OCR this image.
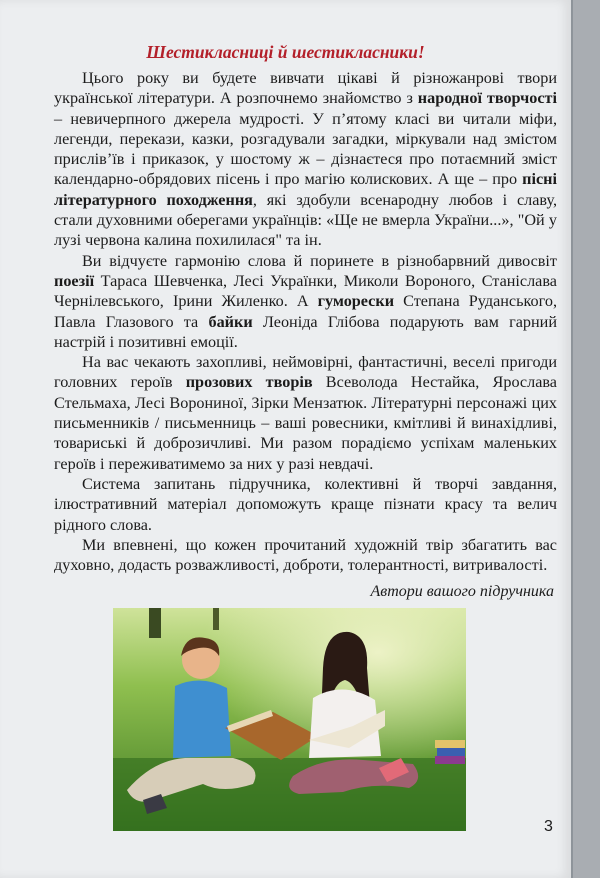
Шестикласниці й шестикласники!

Цього року ви будете вивчати цікаві й різножанрові твори української літератури. А розпочнемо знайомство з народної творчості – невичерпного джерела мудрості. У п’ятому класі ви читали міфи, легенди, перекази, казки, розгадували загадки, міркували над змістом прислів’їв і приказок, у шостому ж – дізнаєтеся про потаємний зміст календарно-обрядових пісень і про магію колискових. А ще – про пісні літературного походження, які здобули всенародну любов і славу, стали духовними оберегами українців: «Ще не вмерла України...», "Ой у лузі червона калина похилилася" та ін.

Ви відчуєте гармонію слова й поринете в різнобарвний дивосвіт поезії Тараса Шевченка, Лесі Українки, Миколи Вороного, Станіслава Чернілевського, Ірини Жиленко. А гуморески Степана Руданського, Павла Глазового та байки Леоніда Глібова подарують вам гарний настрій і позитивні емоції.

На вас чекають захопливі, неймовірні, фантастичні, веселі пригоди головних героїв прозових творів Всеволода Нестайка, Ярослава Стельмаха, Лесі Ворониної, Зірки Мензатюк. Літературні персонажі цих письменників / письменниць – ваші ровесники, кмітливі й винахідливі, товариські й доброзичливі. Ми разом порадіємо успіхам маленьких героїв і переживатимемо за них у разі невдачі.

Система запитань підручника, колективні й творчі завдання, ілюстративний матеріал допоможуть краще пізнати красу та велич рідного слова.

Ми впевнені, що кожен прочитаний художній твір збагатить вас духовно, додасть розважливості, доброти, толерантності, витривалості.

Автори вашого підручника
3
